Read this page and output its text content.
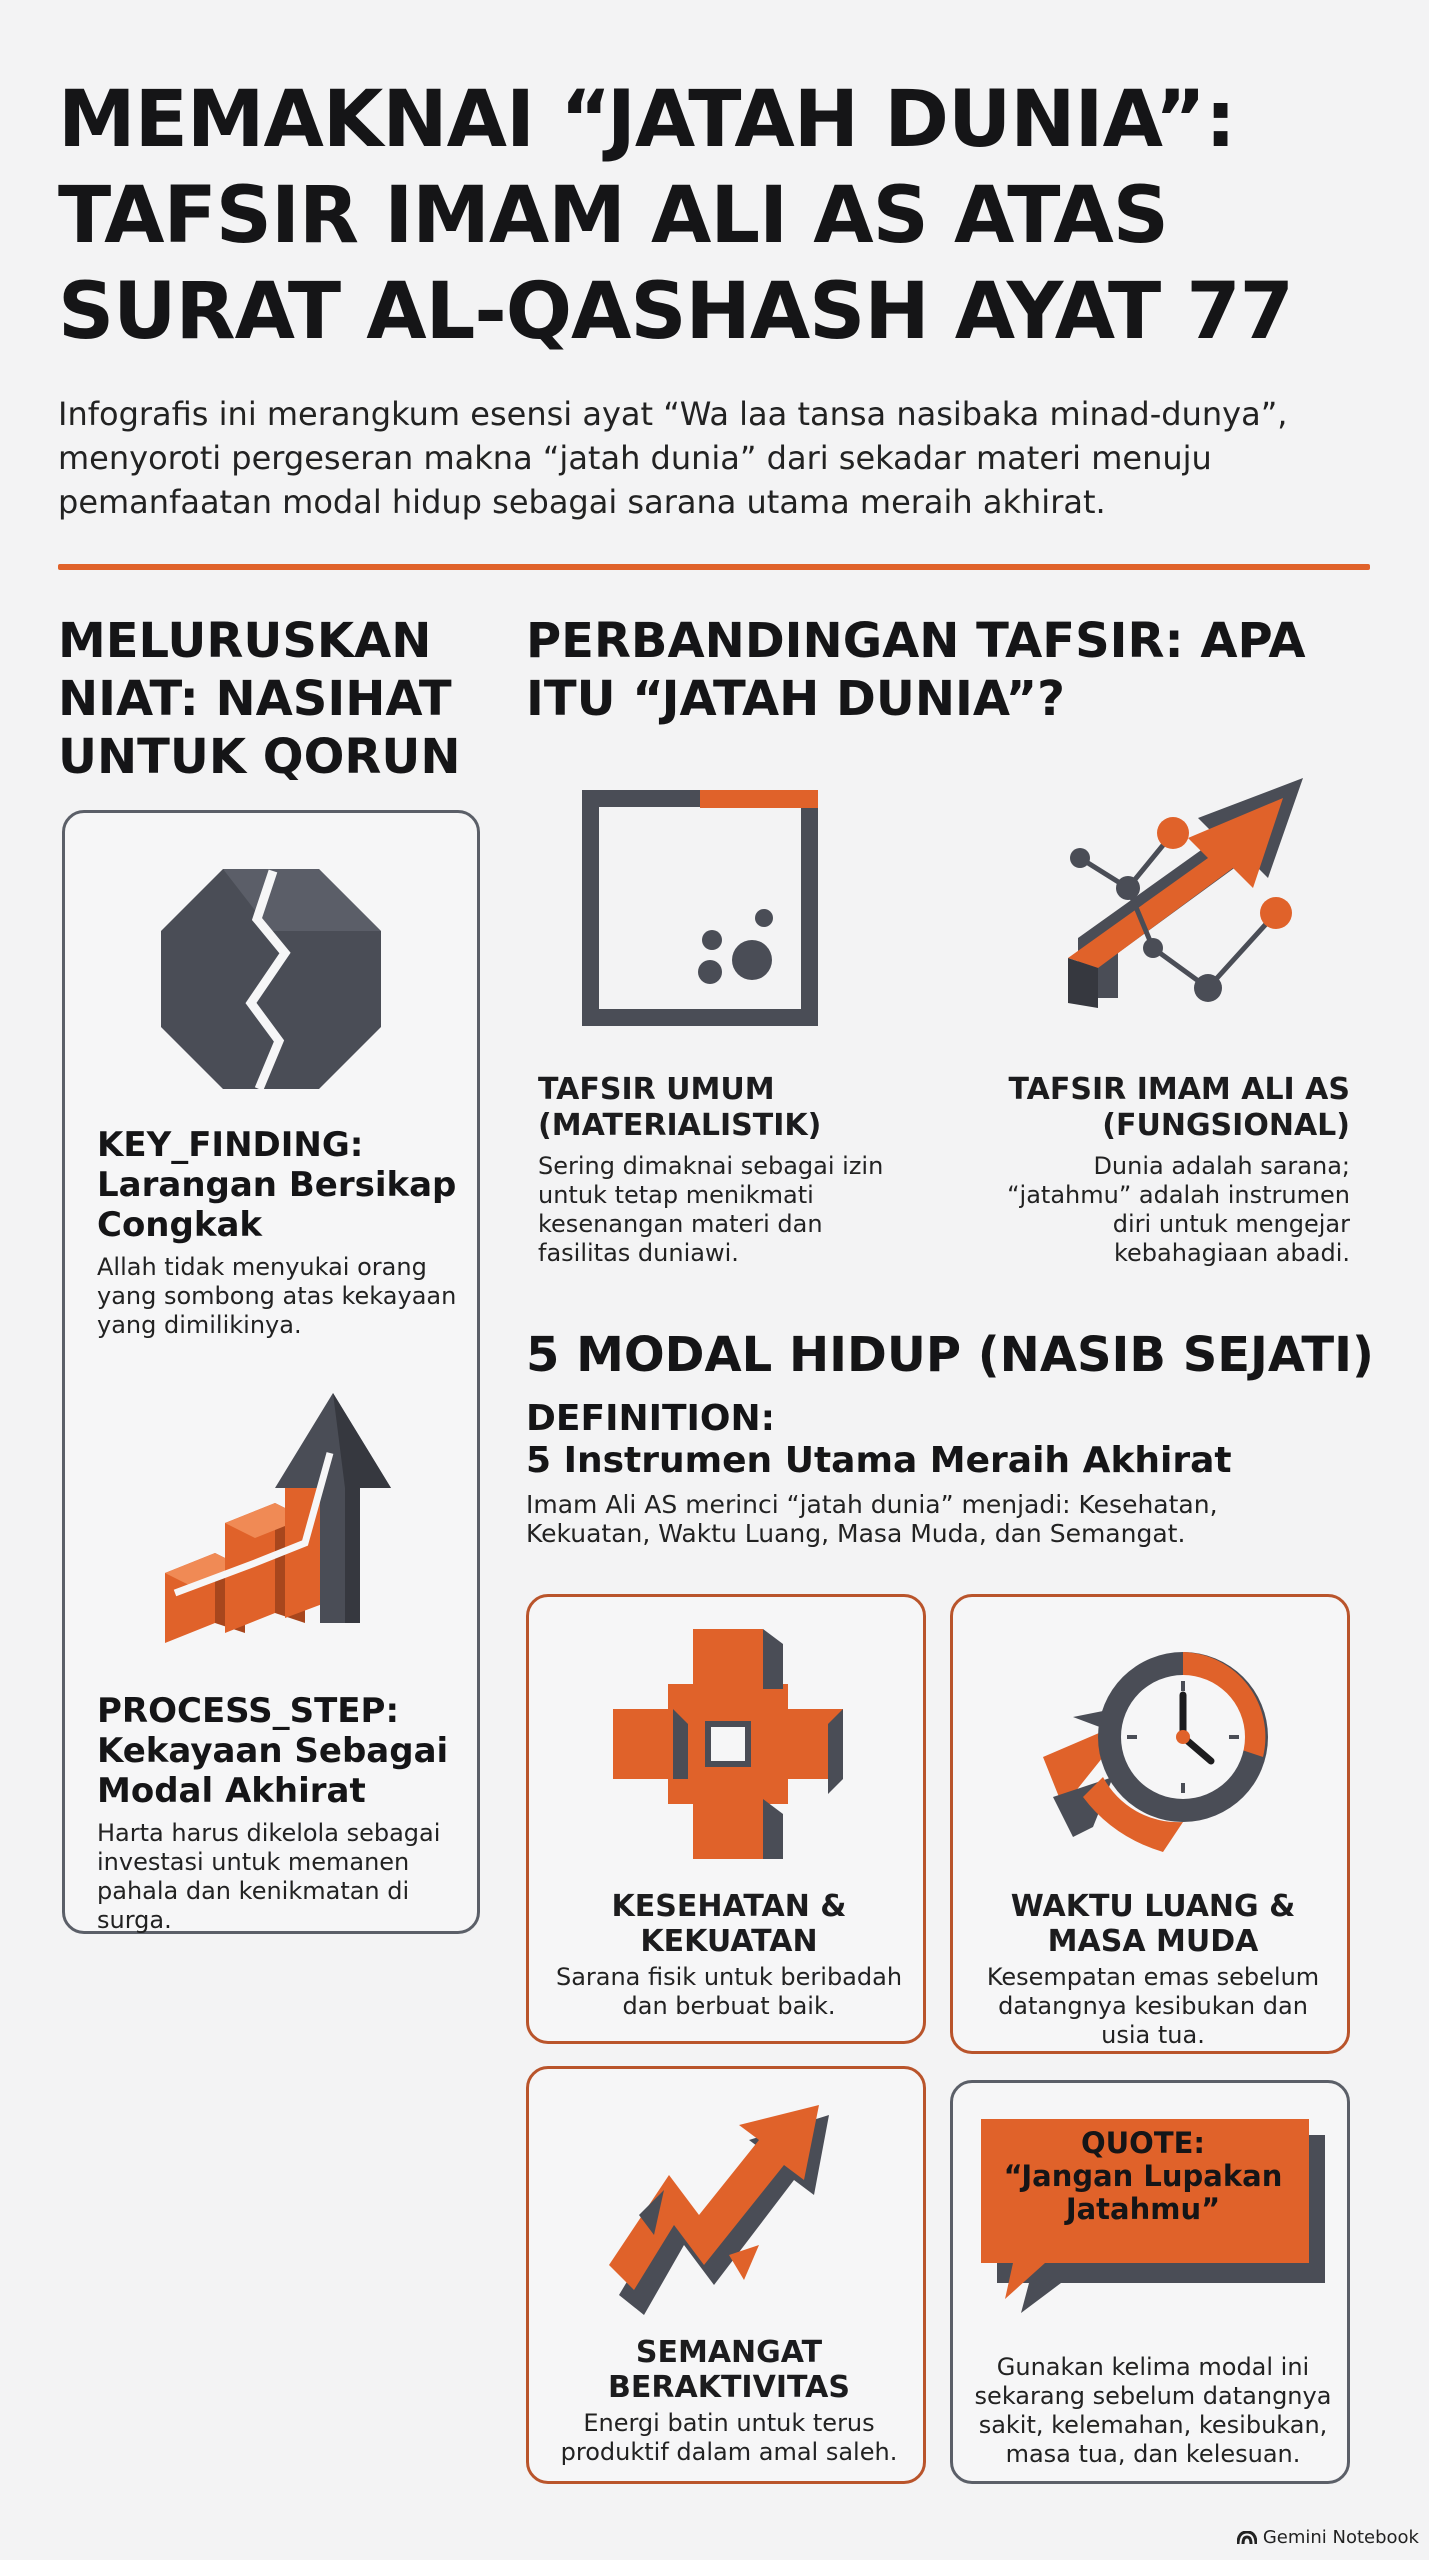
MEMAKNAI “JATAH DUNIA”:
TAFSIR IMAM ALI AS ATAS
SURAT AL-QASHASH AYAT 77

Infografis ini merangkum esensi ayat “Wa laa tansa nasibaka minad-dunya”, menyoroti pergeseran makna “jatah dunia” dari sekadar materi menuju pemanfaatan modal hidup sebagai sarana utama meraih akhirat.

MELURUSKAN NIAT: NASIHAT UNTUK QORUN
KEY_FINDING:
Larangan Bersikap Congkak

Allah tidak menyukai orang yang sombong atas kekayaan yang dimilikinya.

PROCESS_STEP:
Kekayaan Sebagai Modal Akhirat

Harta harus dikelola sebagai investasi untuk memanen pahala dan kenikmatan di surga.

PERBANDINGAN TAFSIR: APA ITU “JATAH DUNIA”?
TAFSIR UMUM (MATERIALISTIK)

Sering dimaknai sebagai izin untuk tetap menikmati kesenangan materi dan fasilitas duniawi.

TAFSIR IMAM ALI AS (FUNGSIONAL)

Dunia adalah sarana; “jatahmu” adalah instrumen diri untuk mengejar kebahagiaan abadi.

5 MODAL HIDUP (NASIB SEJATI)
DEFINITION:
5 Instrumen Utama Meraih Akhirat

Imam Ali AS merinci “jatah dunia” menjadi: Kesehatan, Kekuatan, Waktu Luang, Masa Muda, dan Semangat.

KESEHATAN & KEKUATAN

Sarana fisik untuk beribadah dan berbuat baik.

WAKTU LUANG & MASA MUDA

Kesempatan emas sebelum datangnya kesibukan dan usia tua.

SEMANGAT BERAKTIVITAS

Energi batin untuk terus produktif dalam amal saleh.

QUOTE:
“Jangan Lupakan Jatahmu”

Gunakan kelima modal ini sekarang sebelum datangnya sakit, kelemahan, kesibukan, masa tua, dan kelesuan.

Gemini Notebook
